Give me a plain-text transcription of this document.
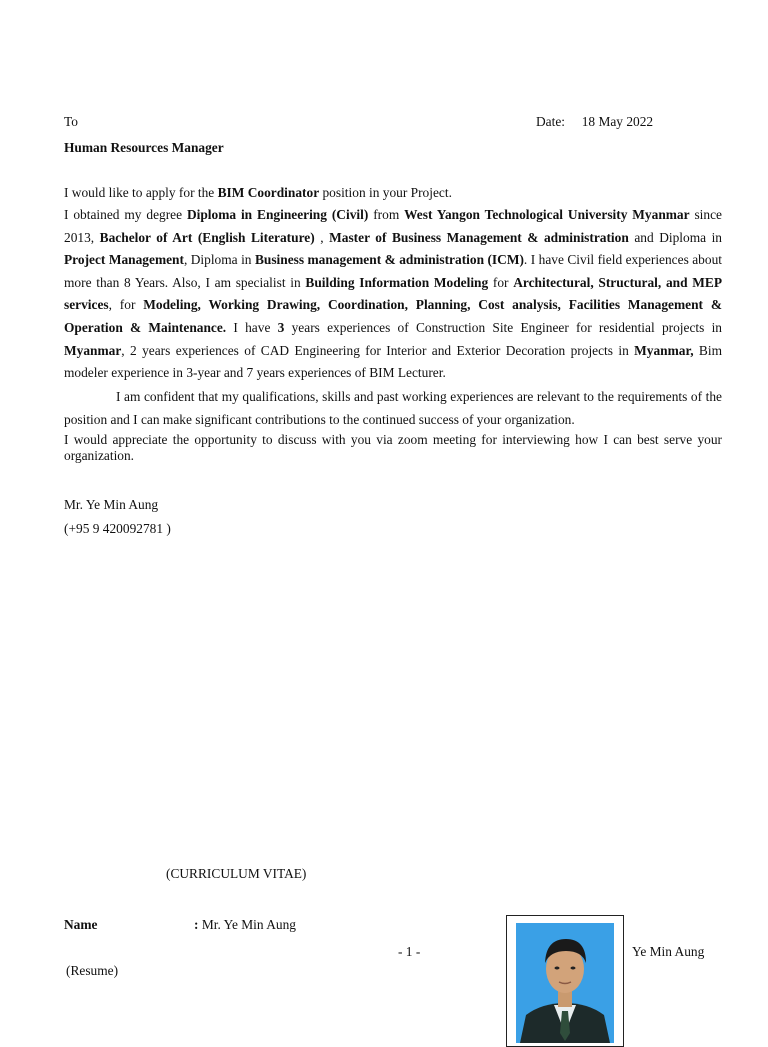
To	Date: 18 May 2022
Human Resources Manager
I would like to apply for the BIM Coordinator position in your Project.
I obtained my degree Diploma in Engineering (Civil) from West Yangon Technological University Myanmar since 2013, Bachelor of Art (English Literature) , Master of Business Management & administration and Diploma in Project Management, Diploma in Business management & administration (ICM). I have Civil field experiences about more than 8 Years. Also, I am specialist in Building Information Modeling for Architectural, Structural, and MEP services, for Modeling, Working Drawing, Coordination, Planning, Cost analysis, Facilities Management & Operation & Maintenance. I have 3 years experiences of Construction Site Engineer for residential projects in Myanmar, 2 years experiences of CAD Engineering for Interior and Exterior Decoration projects in Myanmar, Bim modeler experience in 3-year and 7 years experiences of BIM Lecturer.
I am confident that my qualifications, skills and past working experiences are relevant to the requirements of the position and I can make significant contributions to the continued success of your organization.
I would appreciate the opportunity to discuss with you via zoom meeting for interviewing how I can best serve your organization.
Mr. Ye Min Aung
(+95 9 420092781 )
(CURRICULUM VITAE)
Name	: Mr. Ye Min Aung
- 1 -	Ye Min Aung
(Resume)
